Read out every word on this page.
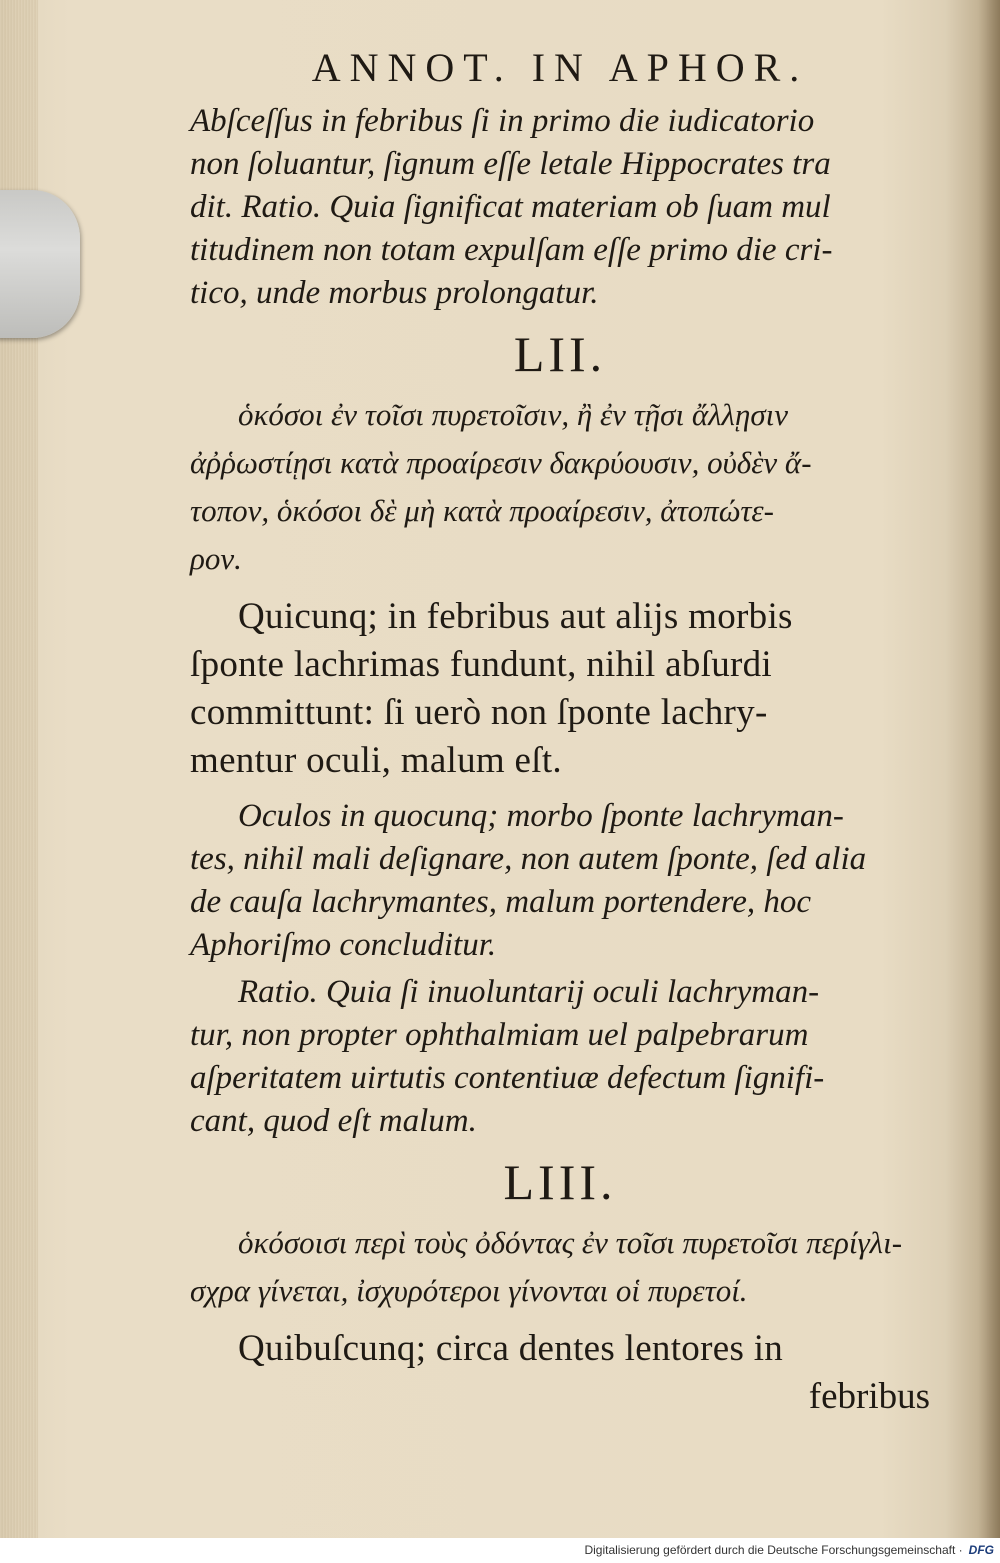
ANNOT. IN APHOR.
Abſceſſus in febribus ſi in primo die iudicatorio
non ſoluantur, ſignum eſſe letale Hippocrates tra
dit. Ratio. Quia ſignificat materiam ob ſuam mul
titudinem non totam expulſam eſſe primo die cri-
tico, unde morbus prolongatur.
LII.
ὁκόσοι ἐν τοῖσι πυρετοῖσιν, ἢ ἐν τῇσι ἄλλῃσιν
ἀῤῥωστίῃσι κατὰ προαίρεσιν δακρύουσιν, οὐδὲν ἄ-
τοπον, ὁκόσοι δὲ μὴ κατὰ προαίρεσιν, ἀτοπώτε-
ρον.
Quicunq; in febribus aut alijs morbis
ſponte lachrimas fundunt, nihil abſurdi
committunt: ſi uerò non ſponte lachry-
mentur oculi, malum eſt.
Oculos in quocunq; morbo ſponte lachryman-
tes, nihil mali deſignare, non autem ſponte, ſed alia
de cauſa lachrymantes, malum portendere, hoc
Aphoriſmo concluditur.
Ratio. Quia ſi inuoluntarij oculi lachryman-
tur, non propter ophthalmiam uel palpebrarum
aſperitatem uirtutis contentiuæ defectum ſignifi-
cant, quod eſt malum.
LIII.
ὁκόσοισι περὶ τοὺς ὀδόντας ἐν τοῖσι πυρετοῖσι περίγλι-
σχρα γίνεται, ἰσχυρότεροι γίνονται οἱ πυρετοί.
Quibuſcunq; circa dentes lentores in
febribus
Digitalisierung gefördert durch die Deutsche Forschungsgemeinschaft · DFG
